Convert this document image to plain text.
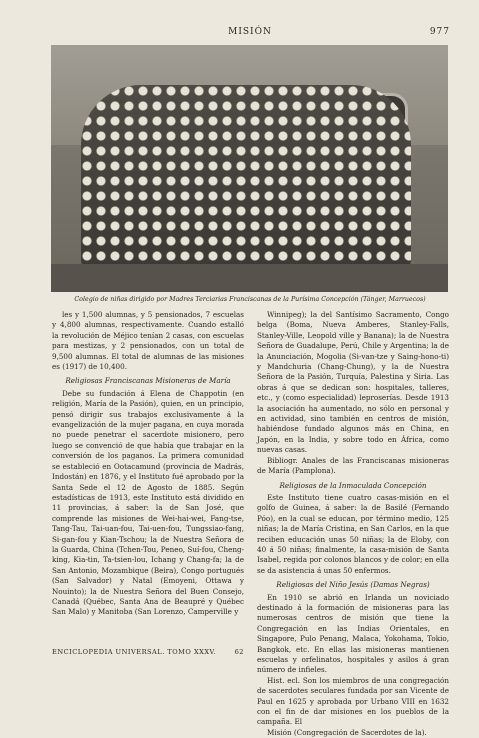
MISIÓN	977
Colegio de niñas dirigido por Madres Terciarias Franciscanas de la Purísima Concepción (Tánger, Marruecos)

les y 1,500 alumnas, y 5 pensionados, 7 escuelas y 4,800 alumnas, respectivamente. Cuando estalló la revolución de Méjico tenían 2 casas, con escuelas para mestizas, y 2 pensionados, con un total de 9,500 alumnas. El total de alumnas de las misiones es (1917) de 10,400.

Religiosas Franciscanas Misioneras de María

Debe su fundación á Elena de Chappotin (en religión, María de la Pasión), quien, en un principio, pensó dirigir sus trabajos exclusivamente á la evangelización de la mujer pagana, en cuya morada no puede penetrar el sacerdote misionero, pero luego se convenció de que había que trabajar en la conversión de los paganos. La primera comunidad se estableció en Ootacamund (provincia de Madrás, Indostán) en 1876, y el Instituto fué aprobado por la Santa Sede el 12 de Agosto de 1885. Según estadísticas de 1913, este Instituto está dividido en 11 provincias, á saber: la de San José, que comprende las misiones de Wei-hai-wei, Fang-tse, Tang-Tau, Tai-uan-fou, Tai-uen-fou, Tungssiao-fang, Si-gan-fou y Kian-Tschou; la de Nuestra Señora de la Guarda, China (Tchen-Tou, Peneo, Suí-fou, Cheng-king, Kia-tin, Ta-tsien-lou, Ichang y Chang-fa; la de San Antonio, Mozambique (Beira), Congo portugués (San Salvador) y Natal (Emoyeni, Ottawa y Nouinto); la de Nuestra Señora del Buen Consejo, Canadá (Québec, Santa Ana de Beaupré y Québec San Malo) y Manitoba (San Lorenzo, Camperville y

Winnipeg); la del Santísimo Sacramento, Congo belga (Boma, Nueva Amberes, Stanley-Falls, Stanley-Ville, Leopold ville y Banana); la de Nuestra Señora de Guadalupe, Perú, Chile y Argentina; la de la Anunciación, Mogolia (Si-van-tze y Saing-hono-ti) y Mandchuria (Chang-Chung), y la de Nuestra Señora de la Pasión, Turquía, Palestina y Siria. Las obras á que se dedican son: hospitales, talleres, etc., y (como especialidad) leproserías. Desde 1913 la asociación ha aumentado, no sólo en personal y en actividad, sino también en centros de misión, habiéndose fundado algunos más en China, en Japón, en la India, y sobre todo en África, como nuevas casas.

Bibliogr. Anales de las Franciscanas misioneras de María (Pamplona).

Religiosas de la Inmaculada Concepción

Este Instituto tiene cuatro casas-misión en el golfo de Guinea, á saber: la de Basilé (Fernando Póo), en la cual se educan, por término medio, 125 niñas; la de María Cristina, en San Carlos, en la que reciben educación unas 50 niñas; la de Eloby, con 40 á 50 niñas; finalmente, la casa-misión de Santa Isabel, regida por colonos blancos y de color; en ella se da asistencia á unas 50 enfermos.

Religiosas del Niño Jesús (Damas Negras)

En 1910 se abrió en Irlanda un noviciado destinado á la formación de misioneras para las numerosas centros de misión que tiene la Congregación en las Indias Orientales, en Singapore, Pulo Penang, Malaca, Yokohama, Tokio, Bangkok, etc. En ellas las misioneras mantienen escuelas y orfelinatos, hospitales y asilos á gran número de infieles.

Hist. ecl. Son los miembros de una congregación de sacerdotes seculares fundada por san Vicente de Paul en 1625 y aprobada por Urbano VIII en 1632 con el fin de dar misiones en los pueblos de la campaña. El

Misión (Congregación de Sacerdotes de la).

ENCICLOPEDIA UNIVERSAL. TOMO XXXV.	62
